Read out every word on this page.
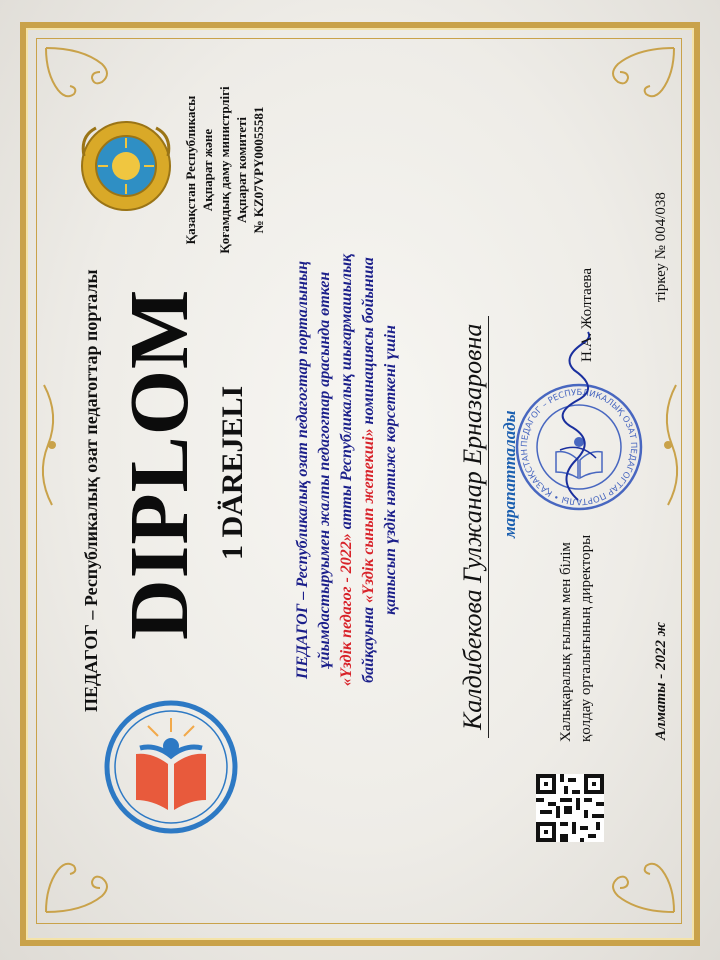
ПЕДАГОГ – Республикалық озат педагогтар порталы DIPLOM 1 DÄREJELI
Қазақстан Республикасы Ақпарат және Қоғамдық даму министрлігі Ақпарат комитеті № KZ07VPY00055581
ПЕДАГОГ – Республикалық озат педагогтар порталының ұйымдастыруымен жалпы педагогтар арасында өткен «Үздік педагог - 2022» атты Республикалық шығармашылық
байқауына «Үздік сынып жетекші» номинациясы бойынша қатысып үздік нәтиже көрсеткені үшін Калдибекова Гулжанар Ерназаровна марапатталады ПЕДАГОГ – РЕСПУБЛИКАЛЫҚ ОЗАТ ПЕДАГОГТАР ПОРТАЛЫ • ҚАЗАҚСТАН РЕСПУБЛИКАСЫ •
Халықаралық ғылым мен білім қолдау орталығының директоры
Н.А. Жолтаева
Алматы - 2022 ж
тіркеу № 004/038
